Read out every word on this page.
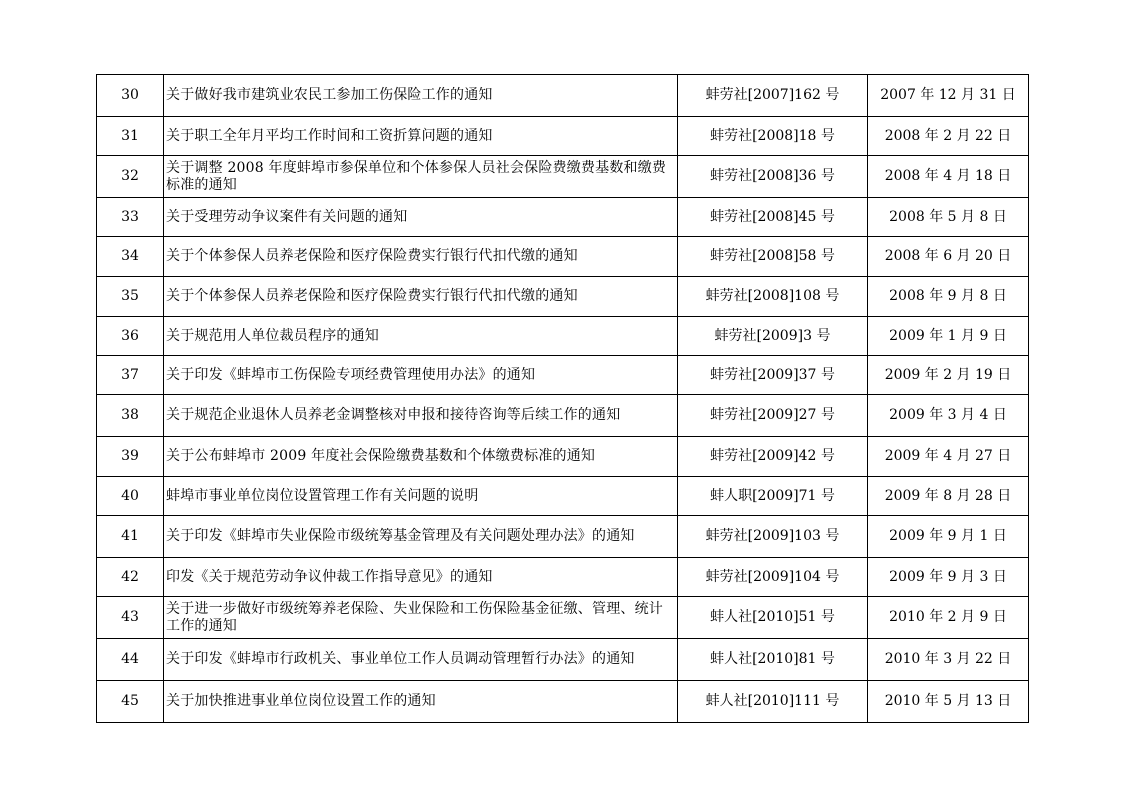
30	关于做好我市建筑业农民工参加工伤保险工作的通知	蚌劳社[2007]162 号	2007 年 12 月 31 日
31	关于职工全年月平均工作时间和工资折算问题的通知	蚌劳社[2008]18 号	2008 年 2 月 22 日
32	关于调整 2008 年度蚌埠市参保单位和个体参保人员社会保险费缴费基数和缴费标准的通知	蚌劳社[2008]36 号	2008 年 4 月 18 日
33	关于受理劳动争议案件有关问题的通知	蚌劳社[2008]45 号	2008 年 5 月 8 日
34	关于个体参保人员养老保险和医疗保险费实行银行代扣代缴的通知	蚌劳社[2008]58 号	2008 年 6 月 20 日
35	关于个体参保人员养老保险和医疗保险费实行银行代扣代缴的通知	蚌劳社[2008]108 号	2008 年 9 月 8 日
36	关于规范用人单位裁员程序的通知	蚌劳社[2009]3 号	2009 年 1 月 9 日
37	关于印发《蚌埠市工伤保险专项经费管理使用办法》的通知	蚌劳社[2009]37 号	2009 年 2 月 19 日
38	关于规范企业退休人员养老金调整核对申报和接待咨询等后续工作的通知	蚌劳社[2009]27 号	2009 年 3 月 4 日
39	关于公布蚌埠市 2009 年度社会保险缴费基数和个体缴费标准的通知	蚌劳社[2009]42 号	2009 年 4 月 27 日
40	蚌埠市事业单位岗位设置管理工作有关问题的说明	蚌人职[2009]71 号	2009 年 8 月 28 日
41	关于印发《蚌埠市失业保险市级统筹基金管理及有关问题处理办法》的通知	蚌劳社[2009]103 号	2009 年 9 月 1 日
42	印发《关于规范劳动争议仲裁工作指导意见》的通知	蚌劳社[2009]104 号	2009 年 9 月 3 日
43	关于进一步做好市级统筹养老保险、失业保险和工伤保险基金征缴、管理、统计工作的通知	蚌人社[2010]51 号	2010 年 2 月 9 日
44	关于印发《蚌埠市行政机关、事业单位工作人员调动管理暂行办法》的通知	蚌人社[2010]81 号	2010 年 3 月 22 日
45	关于加快推进事业单位岗位设置工作的通知	蚌人社[2010]111 号	2010 年 5 月 13 日
